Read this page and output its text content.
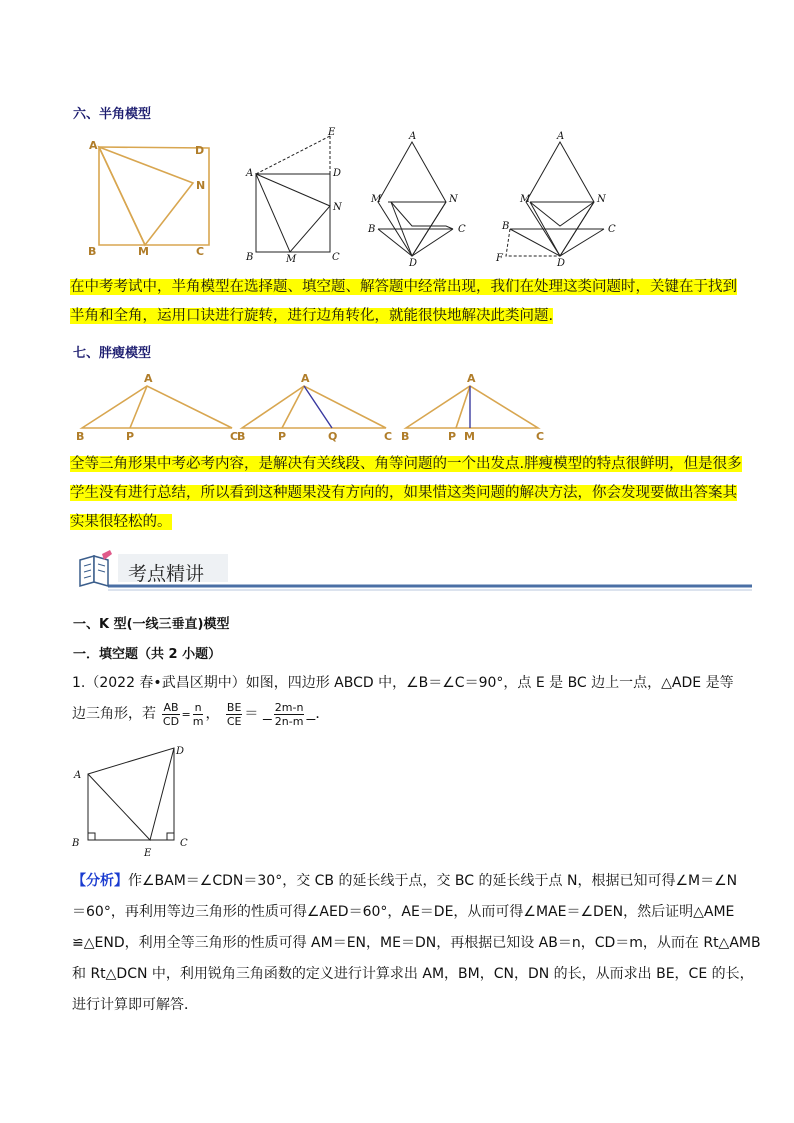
六、半角模型
A	D
N
B	M	C
E
A	D
N
B	M	C
A
M	N
B	C
D
A
M	N
B	C
F	D
在中考考试中，半角模型在选择题、填空题、解答题中经常出现，我们在处理这类问题时，关键在于找到
半角和全角，运用口诀进行旋转，进行边角转化，就能很快地解决此类问题.
七、胖瘦模型
A
B	P	C
A
B	P	Q	C
A
B	P M	C
全等三角形果中考必考内容，是解决有关线段、角等问题的一个出发点.胖瘦模型的特点很鲜明，但是很多
学生没有进行总结，所以看到这种题果没有方向的，如果惜这类问题的解决方法，你会发现要做出答案其
实果很轻松的。
考点精讲
一、K 型(一线三垂直)模型
一．填空题（共 2 小题）
1.（2022 春•武昌区期中）如图，四边形 ABCD 中，∠B＝∠C＝90°，点 E 是 BC 边上一点，△ADE 是等
边三角形，若 $\frac{AB}{CD} = \frac{n}{m}$ ， $\frac{BE}{CE} = \frac{2m-n}{2n-m}$ ．
A
D
B
E
C
【分析】作∠BAM＝∠CDN＝30°，交 CB 的延长线于点，交 BC 的延长线于点 N，根据已知可得∠M＝∠N
＝60°，再利用等边三角形的性质可得∠AED＝60°，AE＝DE，从而可得∠MAE＝∠DEN，然后证明△AME
≌△END，利用全等三角形的性质可得 AM＝EN，ME＝DN，再根据已知设 AB＝n，CD＝m，从而在 Rt△AMB
和 Rt△DCN 中，利用锐角三角函数的定义进行计算求出 AM，BM，CN，DN 的长，从而求出 BE，CE 的长，
进行计算即可解答．
